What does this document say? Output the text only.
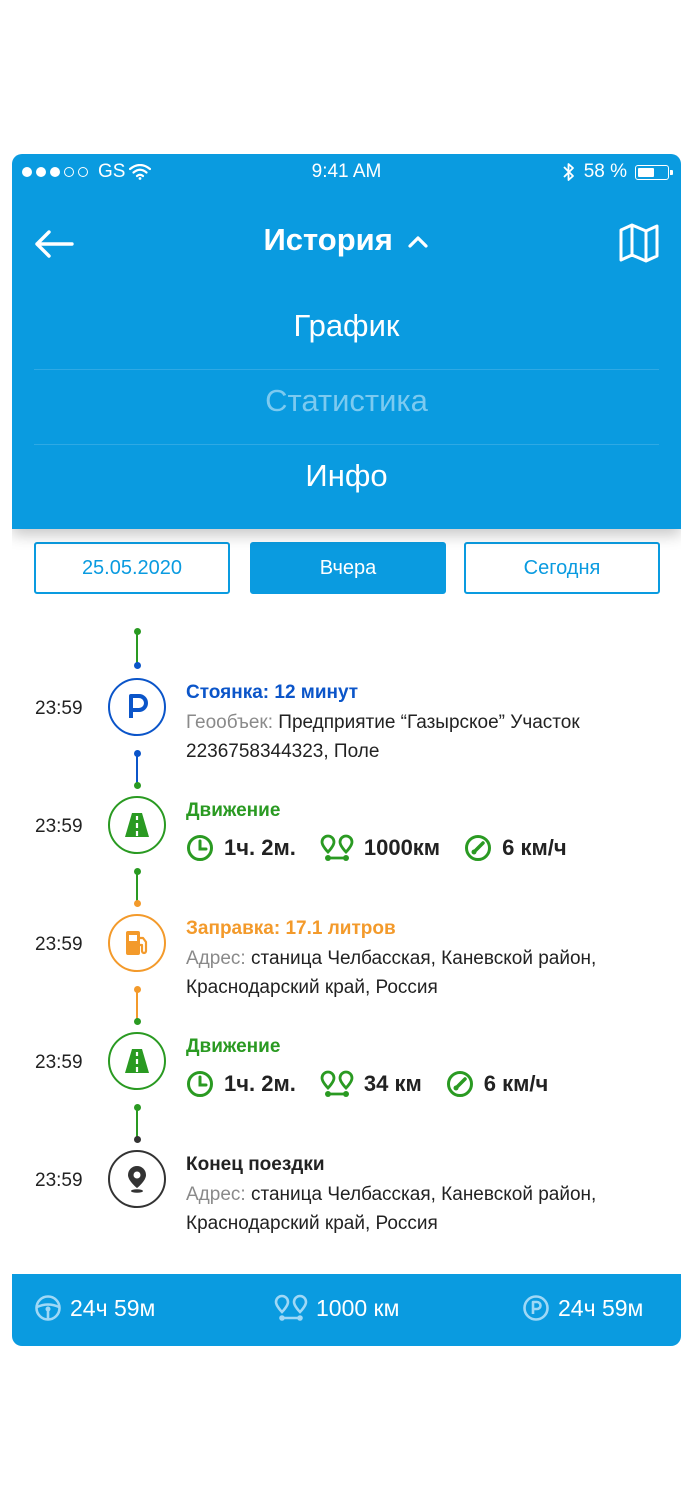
GS	9:41 AM	58 %
История
График
Статистика
Инфо
25.05.2020	Вчера	Сегодня
23:59
Стоянка: 12 минут
Геообъек: Предприятие “Газырское” Участок 2236758344323, Поле
23:59
Движение
1ч. 2м.	1000км	6 км/ч
23:59
Заправка: 17.1 литров
Адрес: станица Челбасская, Каневской район, Краснодарский край, Россия
23:59
Движение
1ч. 2м.	34 км	6 км/ч
23:59
Конец поездки
Адрес: станица Челбасская, Каневской район, Краснодарский край, Россия
24ч 59м	1000 км	24ч 59м
